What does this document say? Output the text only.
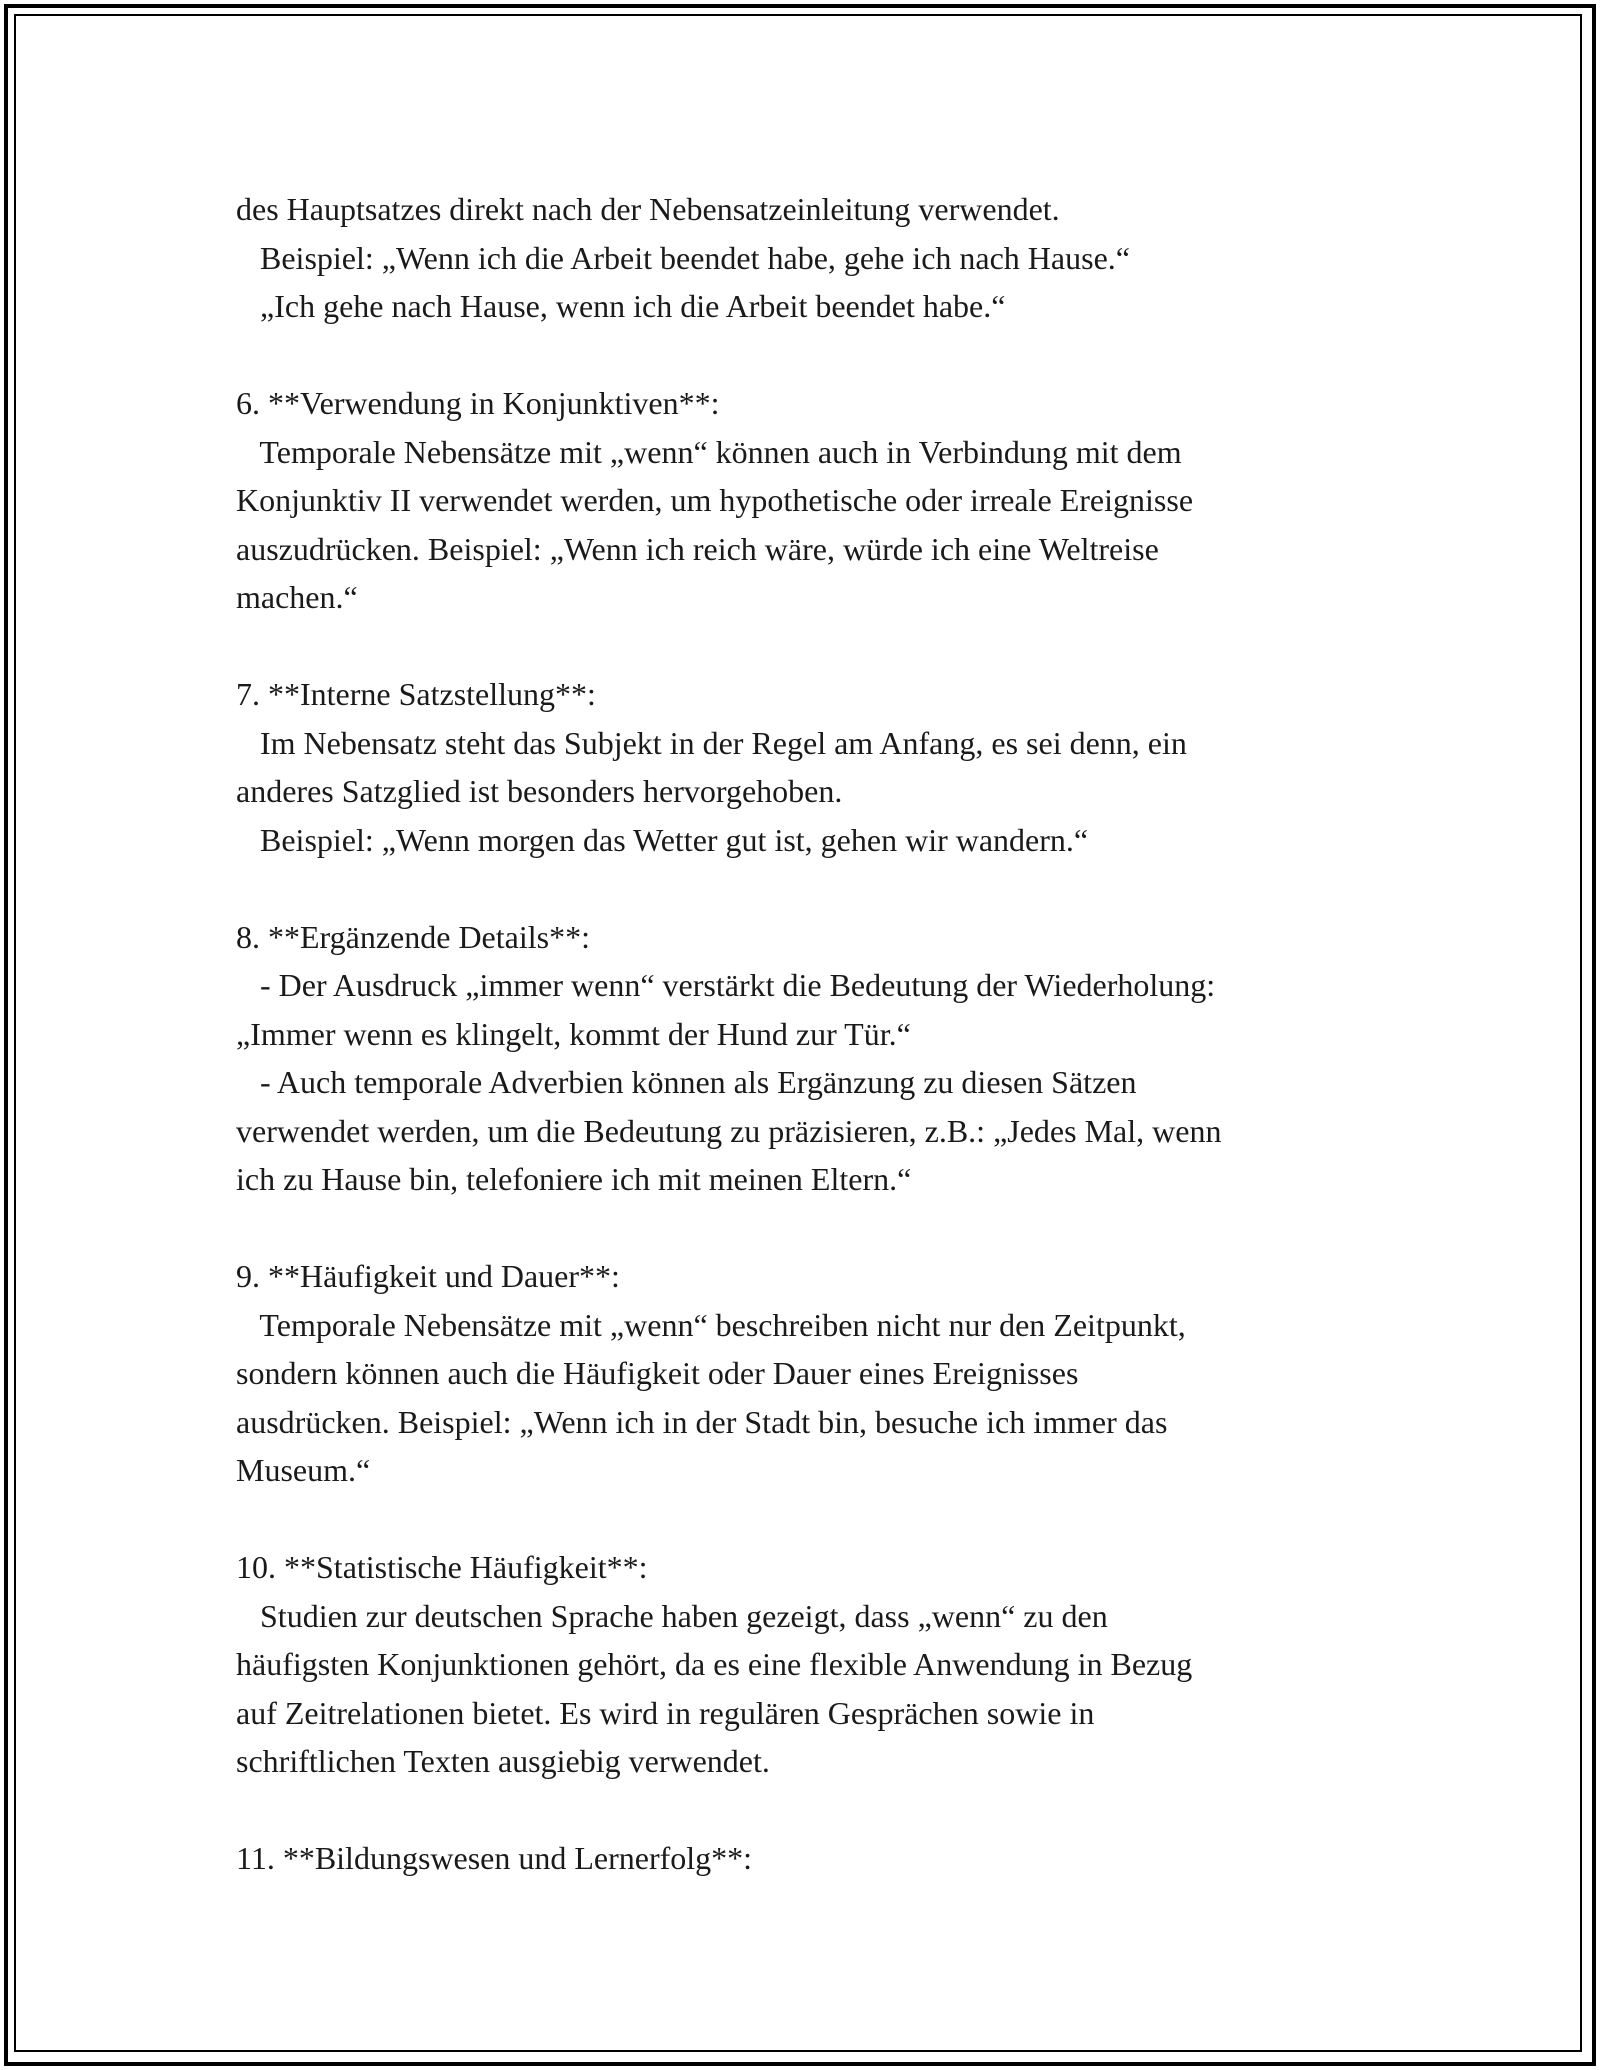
des Hauptsatzes direkt nach der Nebensatzeinleitung verwendet.
Beispiel: „Wenn ich die Arbeit beendet habe, gehe ich nach Hause.“
„Ich gehe nach Hause, wenn ich die Arbeit beendet habe.“
6. **Verwendung in Konjunktiven**:
Temporale Nebensätze mit „wenn“ können auch in Verbindung mit dem
Konjunktiv II verwendet werden, um hypothetische oder irreale Ereignisse
auszudrücken. Beispiel: „Wenn ich reich wäre, würde ich eine Weltreise
machen.“
7. **Interne Satzstellung**:
Im Nebensatz steht das Subjekt in der Regel am Anfang, es sei denn, ein
anderes Satzglied ist besonders hervorgehoben.
Beispiel: „Wenn morgen das Wetter gut ist, gehen wir wandern.“
8. **Ergänzende Details**:
- Der Ausdruck „immer wenn“ verstärkt die Bedeutung der Wiederholung:
„Immer wenn es klingelt, kommt der Hund zur Tür.“
- Auch temporale Adverbien können als Ergänzung zu diesen Sätzen
verwendet werden, um die Bedeutung zu präzisieren, z.B.: „Jedes Mal, wenn
ich zu Hause bin, telefoniere ich mit meinen Eltern.“
9. **Häufigkeit und Dauer**:
Temporale Nebensätze mit „wenn“ beschreiben nicht nur den Zeitpunkt,
sondern können auch die Häufigkeit oder Dauer eines Ereignisses
ausdrücken. Beispiel: „Wenn ich in der Stadt bin, besuche ich immer das
Museum.“
10. **Statistische Häufigkeit**:
Studien zur deutschen Sprache haben gezeigt, dass „wenn“ zu den
häufigsten Konjunktionen gehört, da es eine flexible Anwendung in Bezug
auf Zeitrelationen bietet. Es wird in regulären Gesprächen sowie in
schriftlichen Texten ausgiebig verwendet.
11. **Bildungswesen und Lernerfolg**:
